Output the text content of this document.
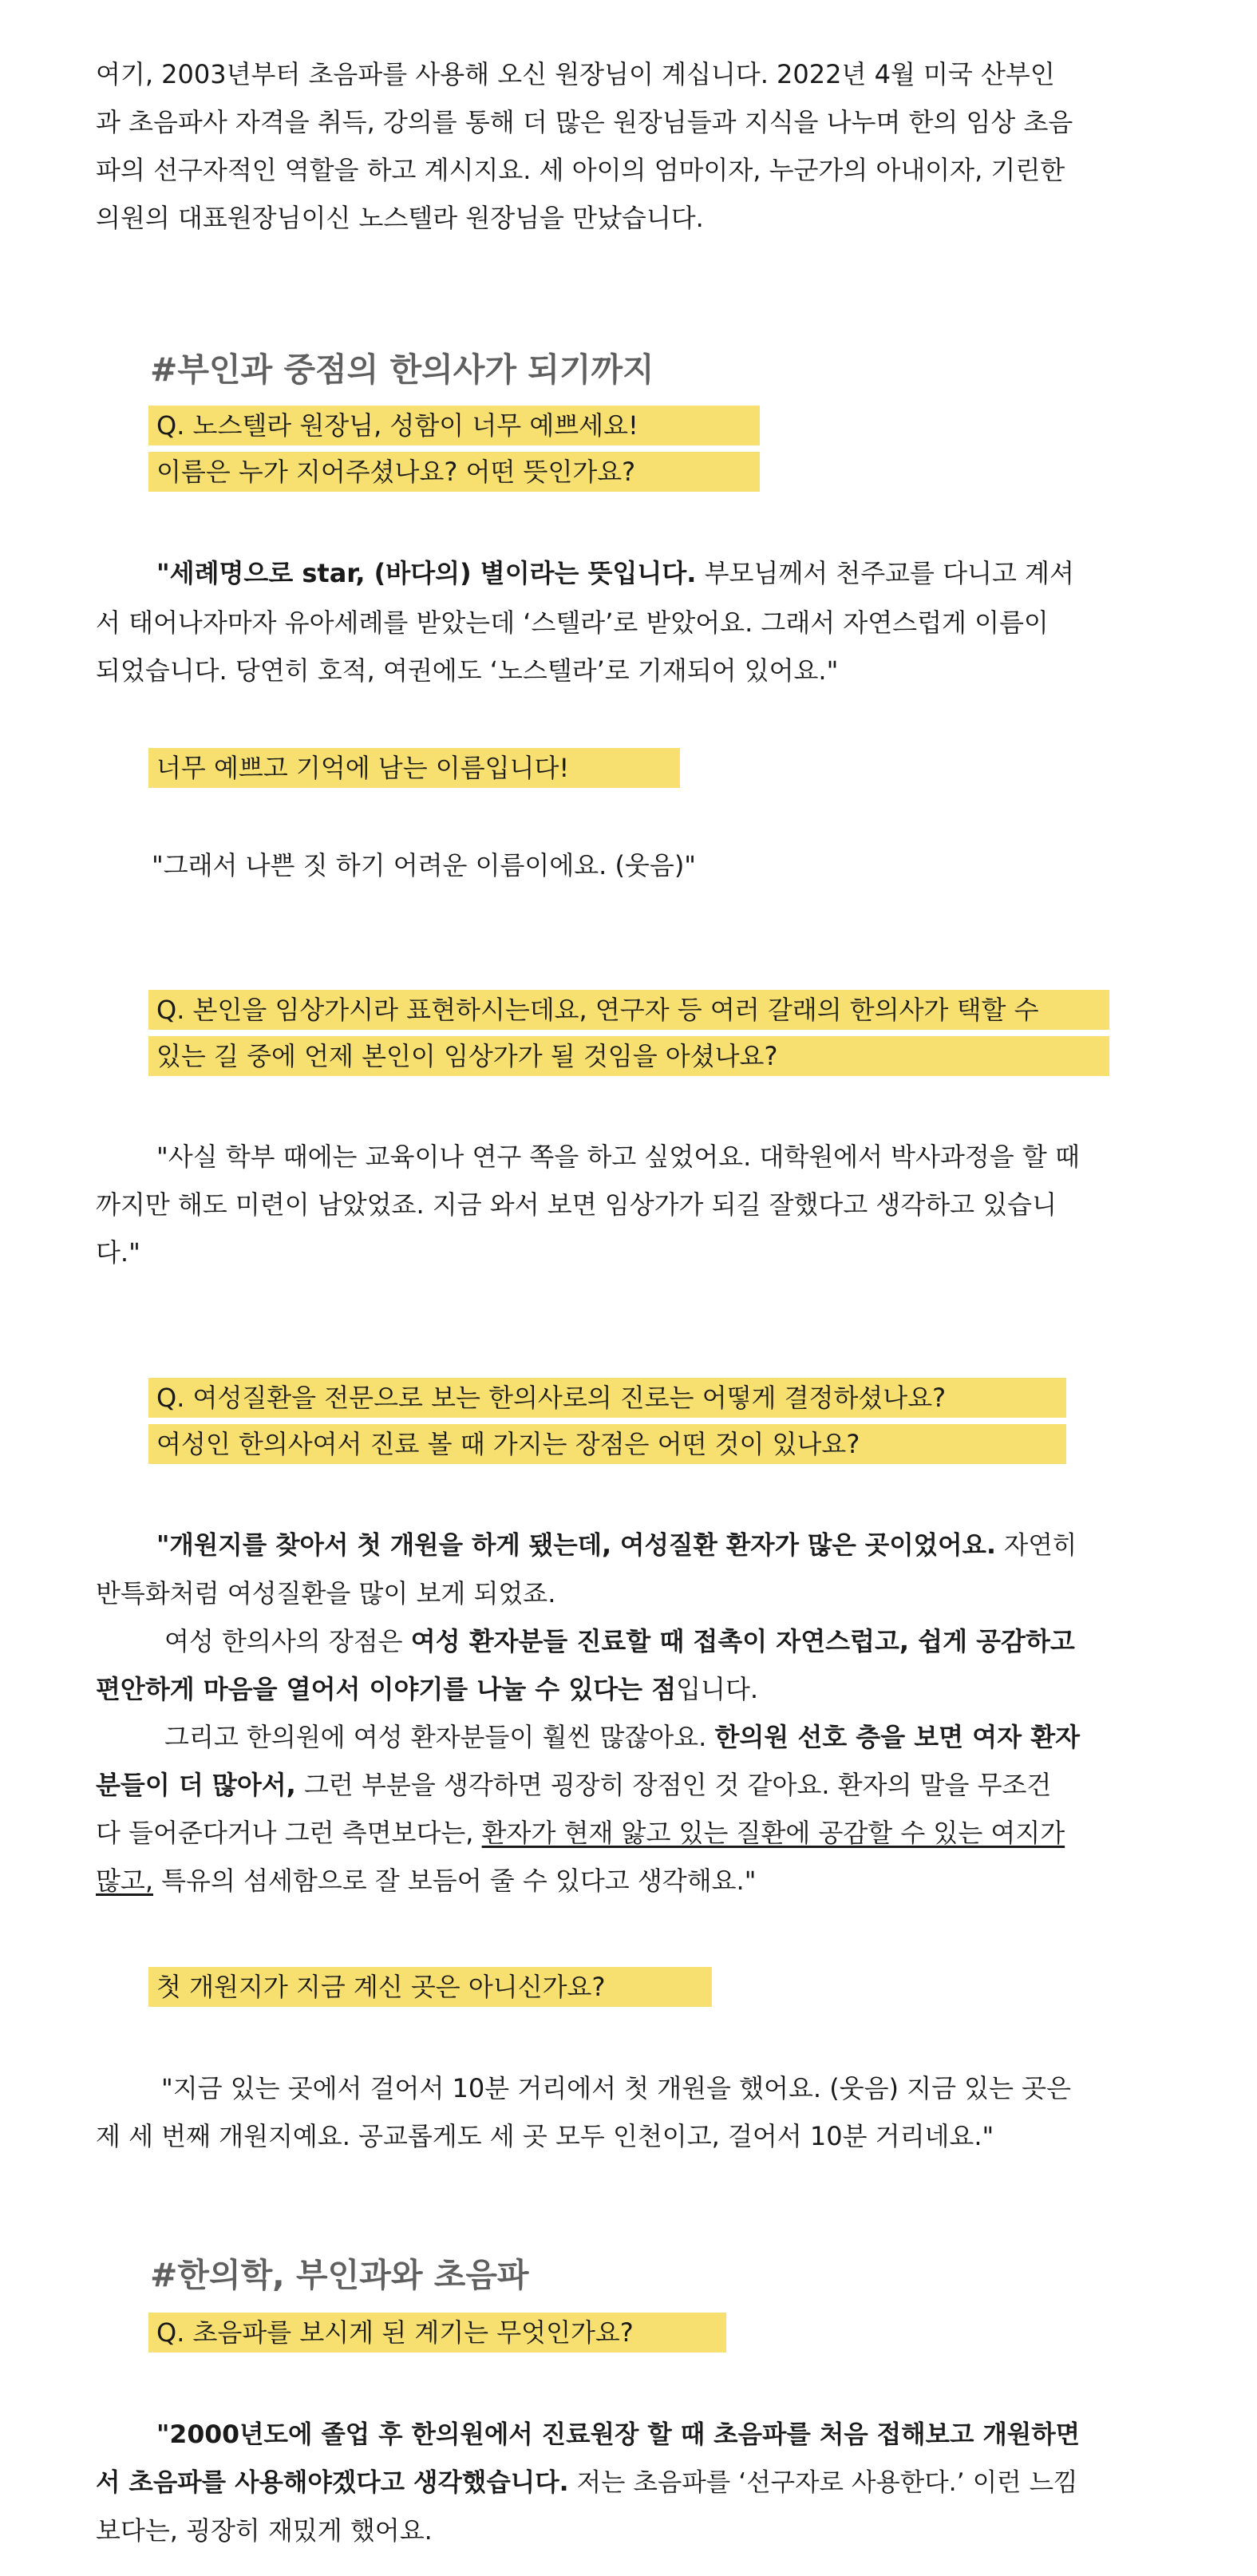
여기, 2003년부터 초음파를 사용해 오신 원장님이 계십니다. 2022년 4월 미국 산부인
과 초음파사 자격을 취득, 강의를 통해 더 많은 원장님들과 지식을 나누며 한의 임상 초음
파의 선구자적인 역할을 하고 계시지요. 세 아이의 엄마이자, 누군가의 아내이자, 기린한
의원의 대표원장님이신 노스텔라 원장님을 만났습니다.
#부인과 중점의 한의사가 되기까지
Q. 노스텔라 원장님, 성함이 너무 예쁘세요!
이름은 누가 지어주셨나요? 어떤 뜻인가요?
"세례명으로 star, (바다의) 별이라는 뜻입니다. 부모님께서 천주교를 다니고 계셔
서 태어나자마자 유아세례를 받았는데 ‘스텔라’로 받았어요. 그래서 자연스럽게 이름이
되었습니다. 당연히 호적, 여권에도 ‘노스텔라’로 기재되어 있어요."
너무 예쁘고 기억에 남는 이름입니다!
"그래서 나쁜 짓 하기 어려운 이름이에요. (웃음)"
Q. 본인을 임상가시라 표현하시는데요, 연구자 등 여러 갈래의 한의사가 택할 수
있는 길 중에 언제 본인이 임상가가 될 것임을 아셨나요?
"사실 학부 때에는 교육이나 연구 쪽을 하고 싶었어요. 대학원에서 박사과정을 할 때
까지만 해도 미련이 남았었죠. 지금 와서 보면 임상가가 되길 잘했다고 생각하고 있습니
다."
Q. 여성질환을 전문으로 보는 한의사로의 진로는 어떻게 결정하셨나요?
여성인 한의사여서 진료 볼 때 가지는 장점은 어떤 것이 있나요?
"개원지를 찾아서 첫 개원을 하게 됐는데, 여성질환 환자가 많은 곳이었어요. 자연히
반특화처럼 여성질환을 많이 보게 되었죠.
여성 한의사의 장점은 여성 환자분들 진료할 때 접촉이 자연스럽고, 쉽게 공감하고
편안하게 마음을 열어서 이야기를 나눌 수 있다는 점입니다.
그리고 한의원에 여성 환자분들이 훨씬 많잖아요. 한의원 선호 층을 보면 여자 환자
분들이 더 많아서, 그런 부분을 생각하면 굉장히 장점인 것 같아요. 환자의 말을 무조건
다 들어준다거나 그런 측면보다는, 환자가 현재 앓고 있는 질환에 공감할 수 있는 여지가
많고, 특유의 섬세함으로 잘 보듬어 줄 수 있다고 생각해요."
첫 개원지가 지금 계신 곳은 아니신가요?
"지금 있는 곳에서 걸어서 10분 거리에서 첫 개원을 했어요. (웃음) 지금 있는 곳은
제 세 번째 개원지예요. 공교롭게도 세 곳 모두 인천이고, 걸어서 10분 거리네요."
#한의학, 부인과와 초음파
Q. 초음파를 보시게 된 계기는 무엇인가요?
"2000년도에 졸업 후 한의원에서 진료원장 할 때 초음파를 처음 접해보고 개원하면
서 초음파를 사용해야겠다고 생각했습니다. 저는 초음파를 ‘선구자로 사용한다.’ 이런 느낌
보다는, 굉장히 재밌게 했어요.
